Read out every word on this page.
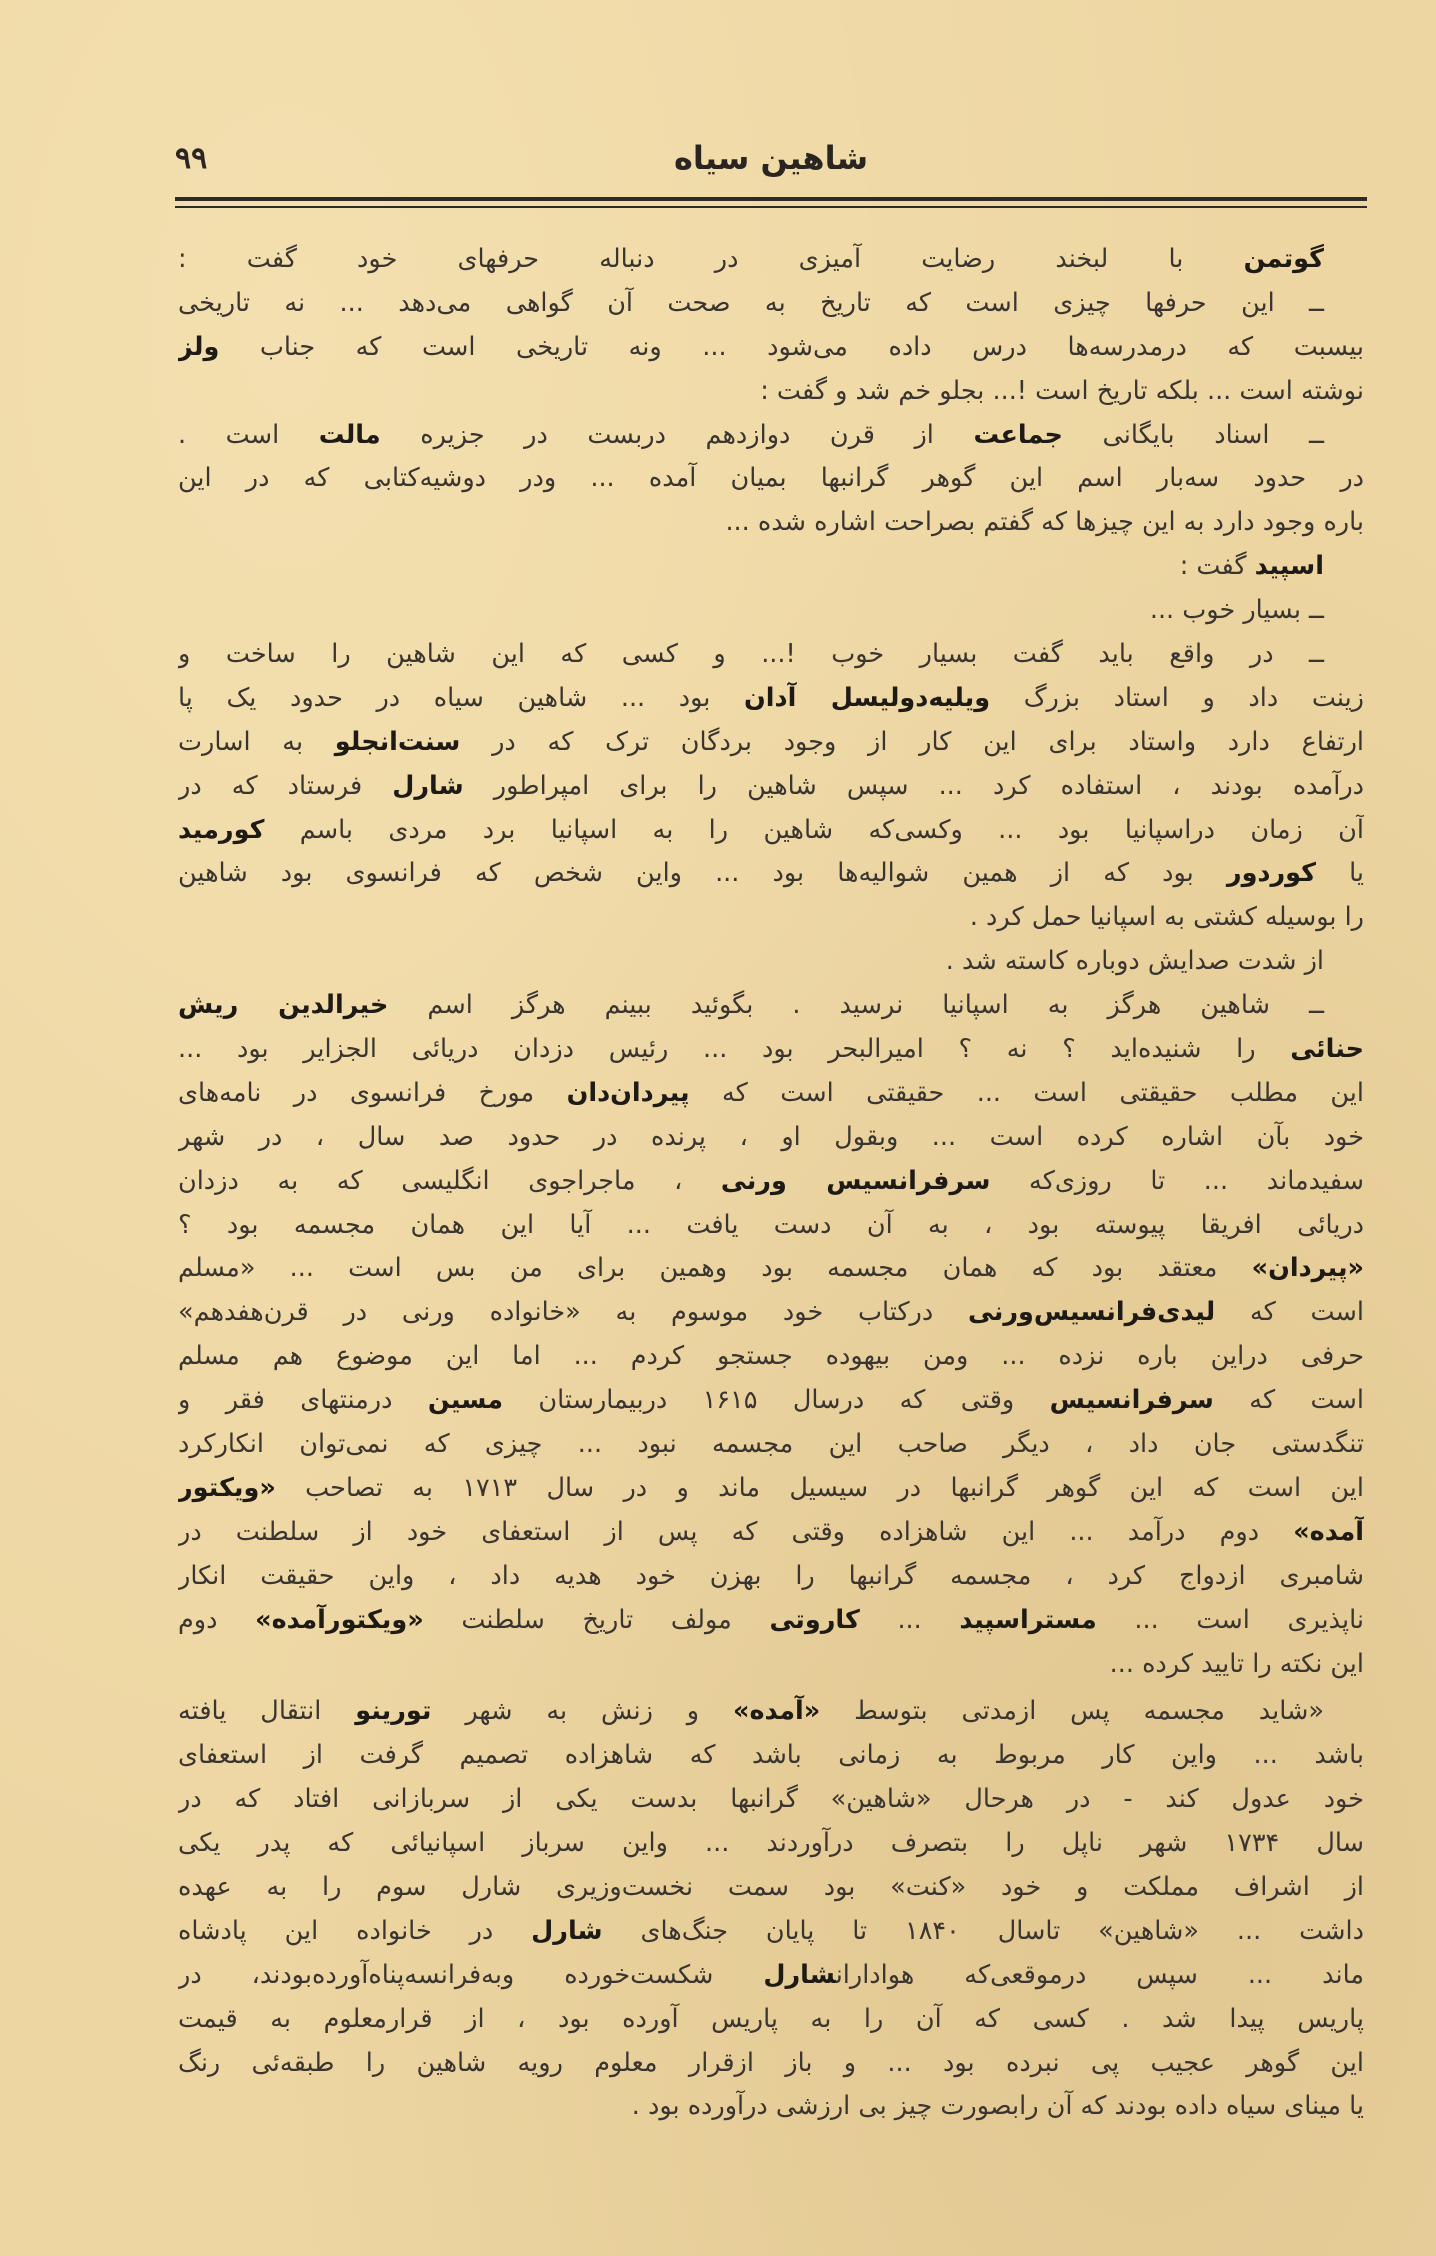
شاهین سیاه
۹۹
گوتمن با لبخند رضایت آمیزی در دنباله حرفهای خود گفت :
ــ این حرفها چیزی است که تاریخ به صحت آن گواهی می‌دهد ... نه تاریخی
بیسبت که درمدرسه‌ها درس داده می‌شود ... ونه تاریخی است که جناب ولز
نوشته است ... بلکه تاریخ است !... بجلو خم شد و گفت :
ــ اسناد بایگانی جماعت از قرن دوازدهم دربست در جزیره مالت است .
در حدود سه‌بار اسم این گوهر گرانبها بمیان آمده ... ودر دوشیه‌کتابی که در این
باره وجود دارد به این چیزها که گفتم بصراحت اشاره شده ...
اسپید گفت :
ــ بسیار خوب ...
ــ در واقع باید گفت بسیار خوب !... و کسی که این شاهین را ساخت و
زینت داد و استاد بزرگ ویلیه‌دولیسل آدان بود ... شاهین سیاه در حدود یک پا
ارتفاع دارد واستاد برای این کار از وجود بردگان ترک که در سنت‌انجلو به اسارت
درآمده بودند ، استفاده کرد ... سپس شاهین را برای امپراطور شارل فرستاد که در
آن زمان دراسپانیا بود ... وکسی‌که شاهین را به اسپانیا برد مردی باسم کورمید
یا کوردور بود که از همین شوالیه‌ها بود ... واین شخص که فرانسوی بود شاهین
را بوسیله کشتی به اسپانیا حمل کرد .
از شدت صدایش دوباره کاسته شد .
ــ شاهین هرگز به اسپانیا نرسید . بگوئید ببینم هرگز اسم خیرالدین ریش
حنائی را شنیده‌اید ؟ نه ؟ امیرالبحر بود ... رئیس دزدان دریائی الجزایر بود ...
این مطلب حقیقتی است ... حقیقتی است که پیردان‌دان مورخ فرانسوی در نامه‌های
خود بآن اشاره کرده است ... وبقول او ، پرنده در حدود صد سال ، در شهر
سفیدماند ... تا روزی‌که سرفرانسیس ورنی ، ماجراجوی انگلیسی که به دزدان
دریائی افریقا پیوسته بود ، به آن دست یافت ... آیا این همان مجسمه بود ؟
«پیردان» معتقد بود که همان مجسمه بود وهمین برای من بس است ... «مسلم
است که لیدی‌فرانسیس‌ورنی درکتاب خود موسوم به «خانواده ورنی در قرن‌هفدهم»
حرفی دراین باره نزده ... ومن بیهوده جستجو کردم ... اما این موضوع هم مسلم
است که سرفرانسیس وقتی که درسال ۱۶۱۵ دربیمارستان مسین درمنتهای فقر و
تنگدستی جان داد ، دیگر صاحب این مجسمه نبود ... چیزی که نمی‌توان انکارکرد
این است که این گوهر گرانبها در سیسیل ماند و در سال ۱۷۱۳ به تصاحب «ویکتور
آمده» دوم درآمد ... این شاهزاده وقتی که پس از استعفای خود از سلطنت در
شامبری ازدواج کرد ، مجسمه گرانبها را بهزن خود هدیه داد ، واین حقیقت انکار
ناپذیری است ... مستراسپید ... کاروتی مولف تاریخ سلطنت «ویکتورآمده» دوم
این نکته را تایید کرده ...
«شاید مجسمه پس ازمدتی بتوسط «آمده» و زنش به شهر تورینو انتقال یافته
باشد ... واین کار مربوط به زمانی باشد که شاهزاده تصمیم گرفت از استعفای
خود عدول کند - در هرحال «شاهین» گرانبها بدست یکی از سربازانی افتاد که در
سال ۱۷۳۴ شهر ناپل را بتصرف درآوردند ... واین سرباز اسپانیائی که پدر یکی
از اشراف مملکت و خود «کنت» بود سمت نخست‌وزیری شارل سوم را به عهده
داشت ... «شاهین» تاسال ۱۸۴۰ تا پایان جنگ‌های شارل در خانواده این پادشاه
ماند ... سپس درموقعی‌که هوادارانشارل شکست‌خورده وبه‌فرانسه‌پناه‌آورده‌بودند، در
پاریس پیدا شد . کسی که آن را به پاریس آورده بود ، از قرارمعلوم به قیمت
این گوهر عجیب پی نبرده بود ... و باز ازقرار معلوم رویه شاهین را طبقه‌ئی رنگ
یا مینای سیاه داده بودند که آن رابصورت چیز بی ارزشی درآورده بود .
